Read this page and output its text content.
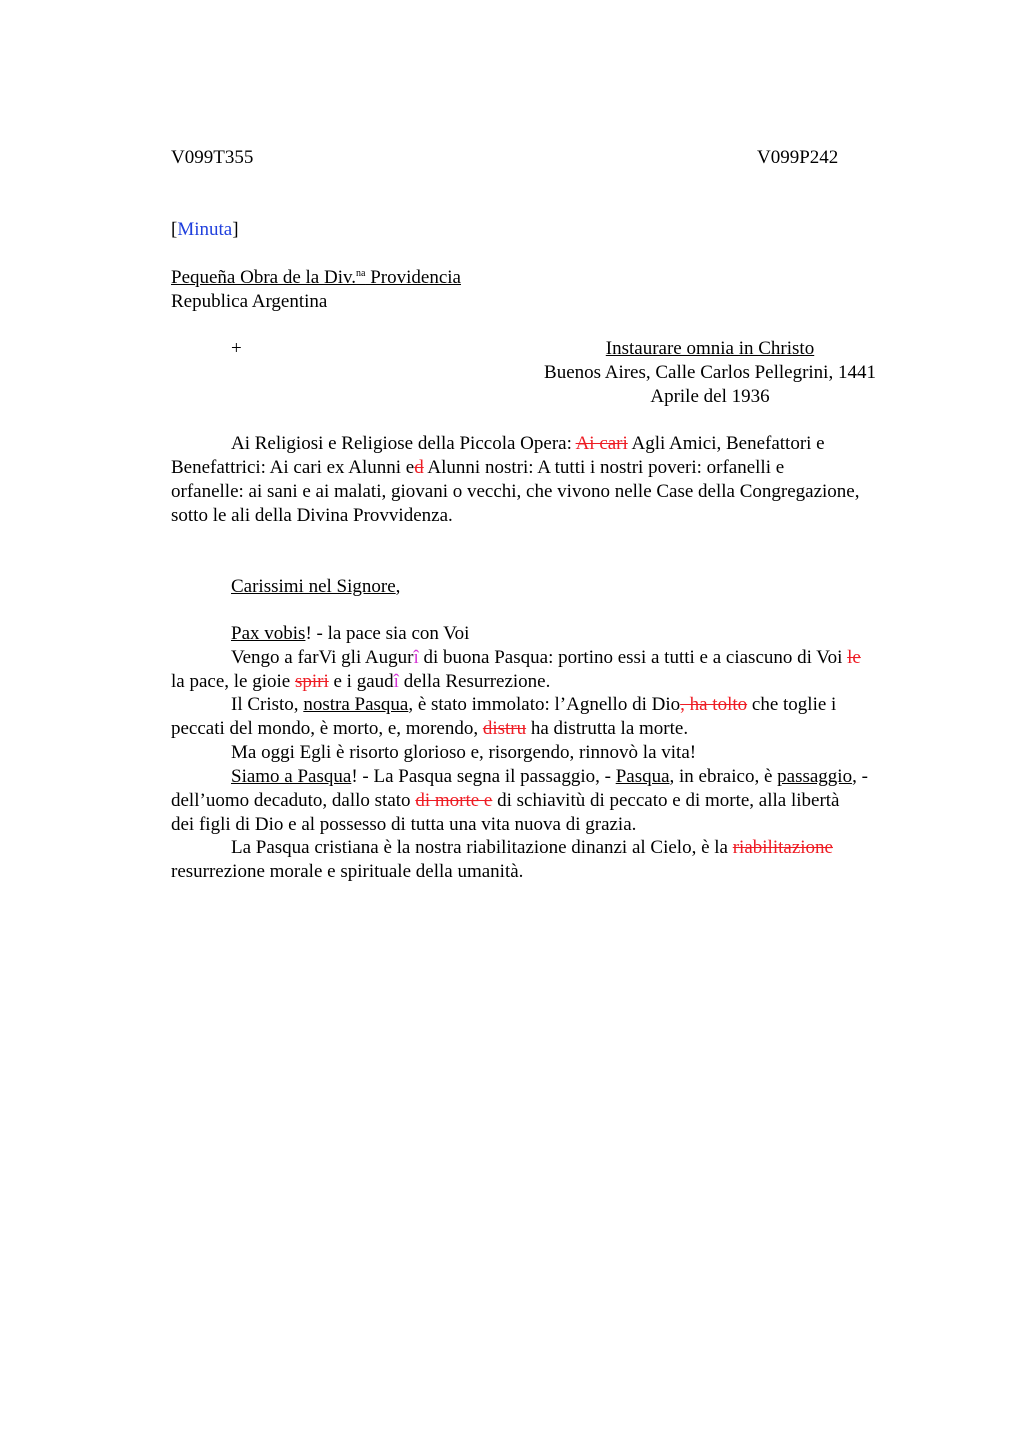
V099T355	V099P242
[Minuta]
Pequeña Obra de la Div.$^{na}$ Providencia
Republica Argentina
+	Instaurare omnia in Christo
Buenos Aires, Calle Carlos Pellegrini, 1441
Aprile del 1936
Ai Religiosi e Religiose della Piccola Opera: Ai cari Agli Amici, Benefattori e
Benefattrici: Ai cari ex Alunni ed Alunni nostri: A tutti i nostri poveri: orfanelli e
orfanelle: ai sani e ai malati, giovani o vecchi, che vivono nelle Case della Congregazione,
sotto le ali della Divina Provvidenza.
Carissimi nel Signore,
Pax vobis! - la pace sia con Voi
Vengo a farVi gli Augurî di buona Pasqua: portino essi a tutti e a ciascuno di Voi le
la pace, le gioie spiri e i gaudî della Resurrezione.
Il Cristo, nostra Pasqua, è stato immolato: l’Agnello di Dio, ha tolto che toglie i
peccati del mondo, è morto, e, morendo, distru ha distrutta la morte.
Ma oggi Egli è risorto glorioso e, risorgendo, rinnovò la vita!
Siamo a Pasqua! - La Pasqua segna il passaggio, - Pasqua, in ebraico, è passaggio, -
dell’uomo decaduto, dallo stato di morte e di schiavitù di peccato e di morte, alla libertà
dei figli di Dio e al possesso di tutta una vita nuova di grazia.
La Pasqua cristiana è la nostra riabilitazione dinanzi al Cielo, è la riabilitazione
resurrezione morale e spirituale della umanità.
